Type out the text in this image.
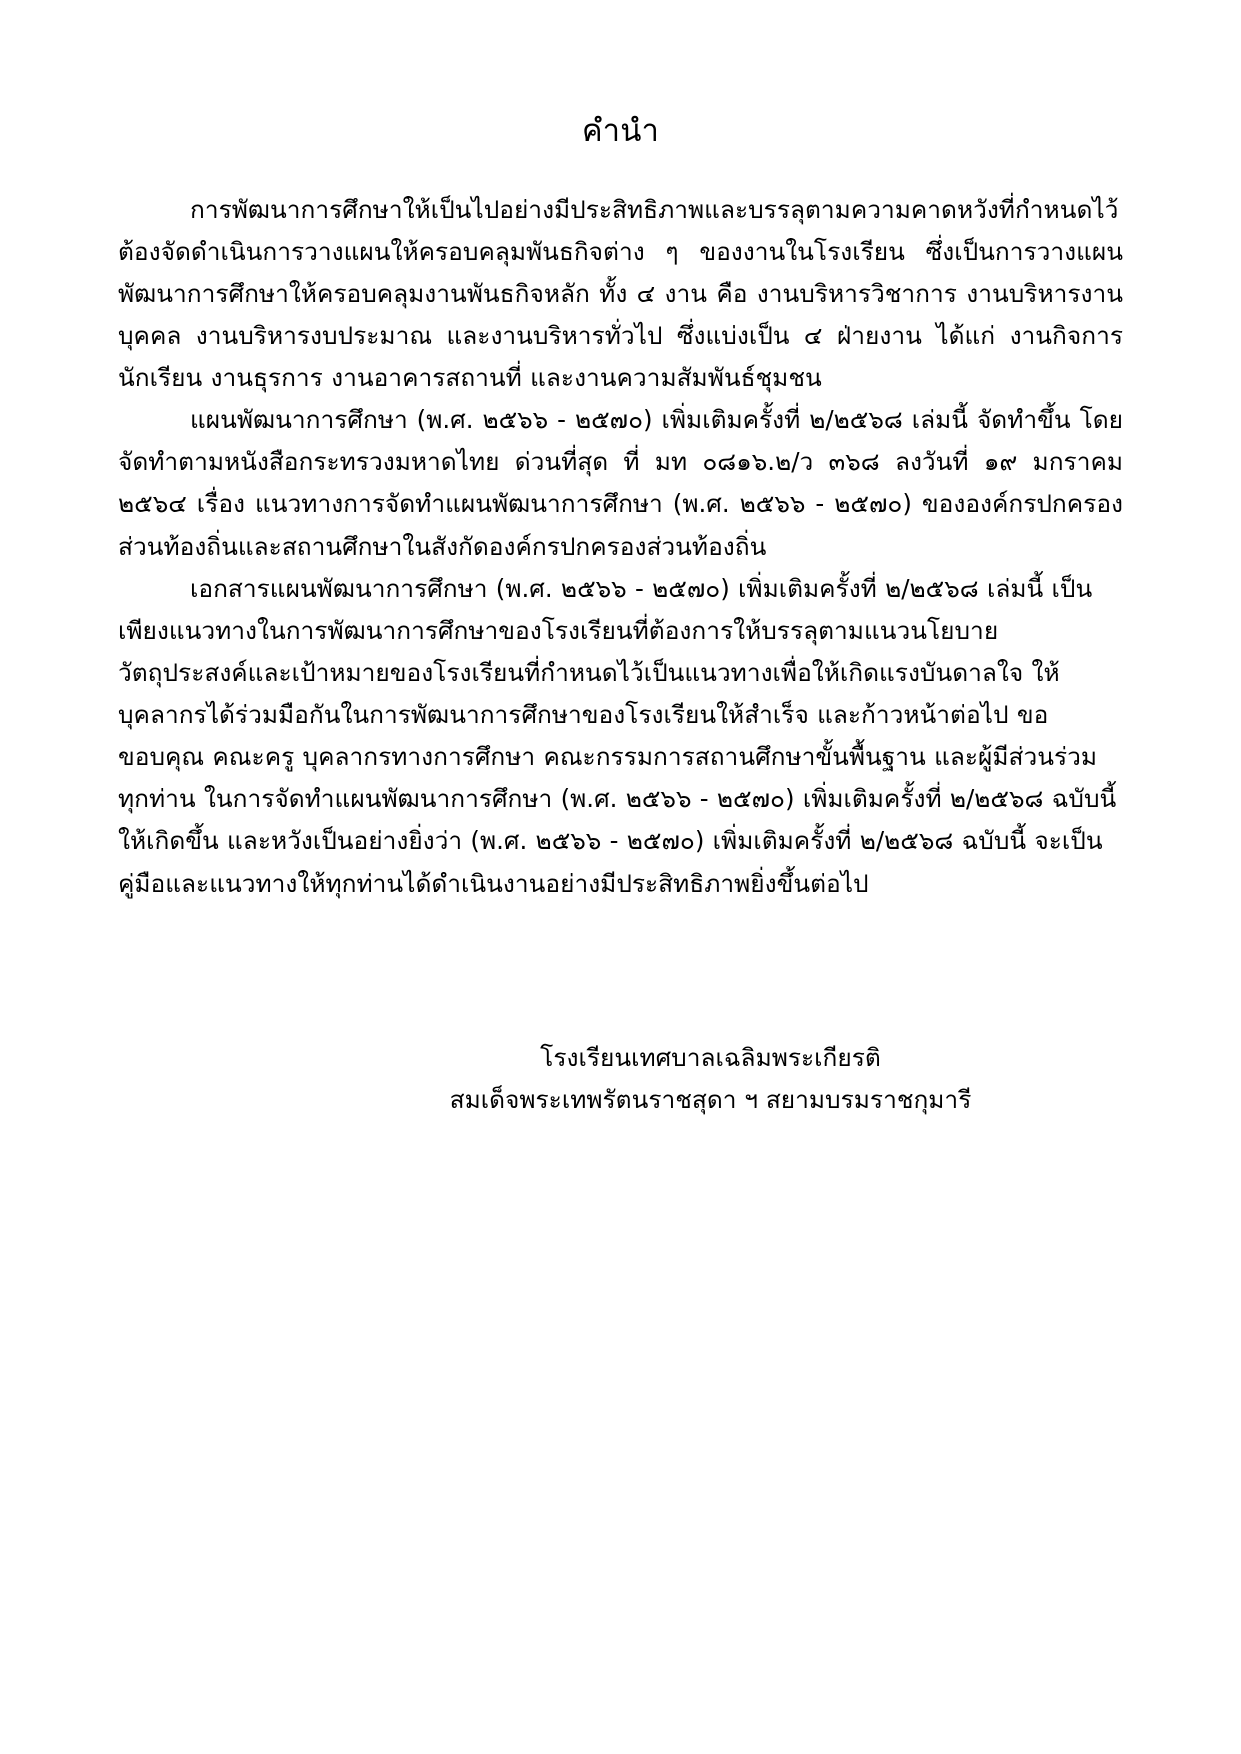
คำนำ

การพัฒนาการศึกษาให้เป็นไปอย่างมีประสิทธิภาพและบรรลุตามความคาดหวังที่กำหนดไว้ต้องจัดดำเนินการวางแผนให้ครอบคลุมพันธกิจต่าง ๆ ของงานในโรงเรียน ซึ่งเป็นการวางแผนพัฒนาการศึกษาให้ครอบคลุมงานพันธกิจหลัก ทั้ง ๔ งาน คือ งานบริหารวิชาการ งานบริหารงานบุคคล งานบริหารงบประมาณ และงานบริหารทั่วไป ซึ่งแบ่งเป็น ๔ ฝ่ายงาน ได้แก่ งานกิจการนักเรียน งานธุรการ งานอาคารสถานที่ และงานความสัมพันธ์ชุมชน

แผนพัฒนาการศึกษา (พ.ศ. ๒๕๖๖ - ๒๕๗๐) เพิ่มเติมครั้งที่ ๒/๒๕๖๘ เล่มนี้ จัดทำขึ้น โดยจัดทำตามหนังสือกระทรวงมหาดไทย ด่วนที่สุด ที่ มท ๐๘๑๖.๒/ว ๓๖๘ ลงวันที่ ๑๙ มกราคม ๒๕๖๔ เรื่อง แนวทางการจัดทำแผนพัฒนาการศึกษา (พ.ศ. ๒๕๖๖ - ๒๕๗๐) ขององค์กรปกครองส่วนท้องถิ่นและสถานศึกษาในสังกัดองค์กรปกครองส่วนท้องถิ่น

เอกสารแผนพัฒนาการศึกษา (พ.ศ. ๒๕๖๖ - ๒๕๗๐) เพิ่มเติมครั้งที่ ๒/๒๕๖๘ เล่มนี้ เป็นเพียงแนวทางในการพัฒนาการศึกษาของโรงเรียนที่ต้องการให้บรรลุตามแนวนโยบาย วัตถุประสงค์และเป้าหมายของโรงเรียนที่กำหนดไว้เป็นแนวทางเพื่อให้เกิดแรงบันดาลใจ ให้บุคลากรได้ร่วมมือกันในการพัฒนาการศึกษาของโรงเรียนให้สำเร็จ และก้าวหน้าต่อไป ขอขอบคุณ คณะครู บุคลากรทางการศึกษา คณะกรรมการสถานศึกษาขั้นพื้นฐาน และผู้มีส่วนร่วมทุกท่าน ในการจัดทำแผนพัฒนาการศึกษา (พ.ศ. ๒๕๖๖ - ๒๕๗๐) เพิ่มเติมครั้งที่ ๒/๒๕๖๘ ฉบับนี้ให้เกิดขึ้น และหวังเป็นอย่างยิ่งว่า (พ.ศ. ๒๕๖๖ - ๒๕๗๐) เพิ่มเติมครั้งที่ ๒/๒๕๖๘ ฉบับนี้ จะเป็นคู่มือและแนวทางให้ทุกท่านได้ดำเนินงานอย่างมีประสิทธิภาพยิ่งขึ้นต่อไป

โรงเรียนเทศบาลเฉลิมพระเกียรติ
สมเด็จพระเทพรัตนราชสุดา ฯ สยามบรมราชกุมารี
